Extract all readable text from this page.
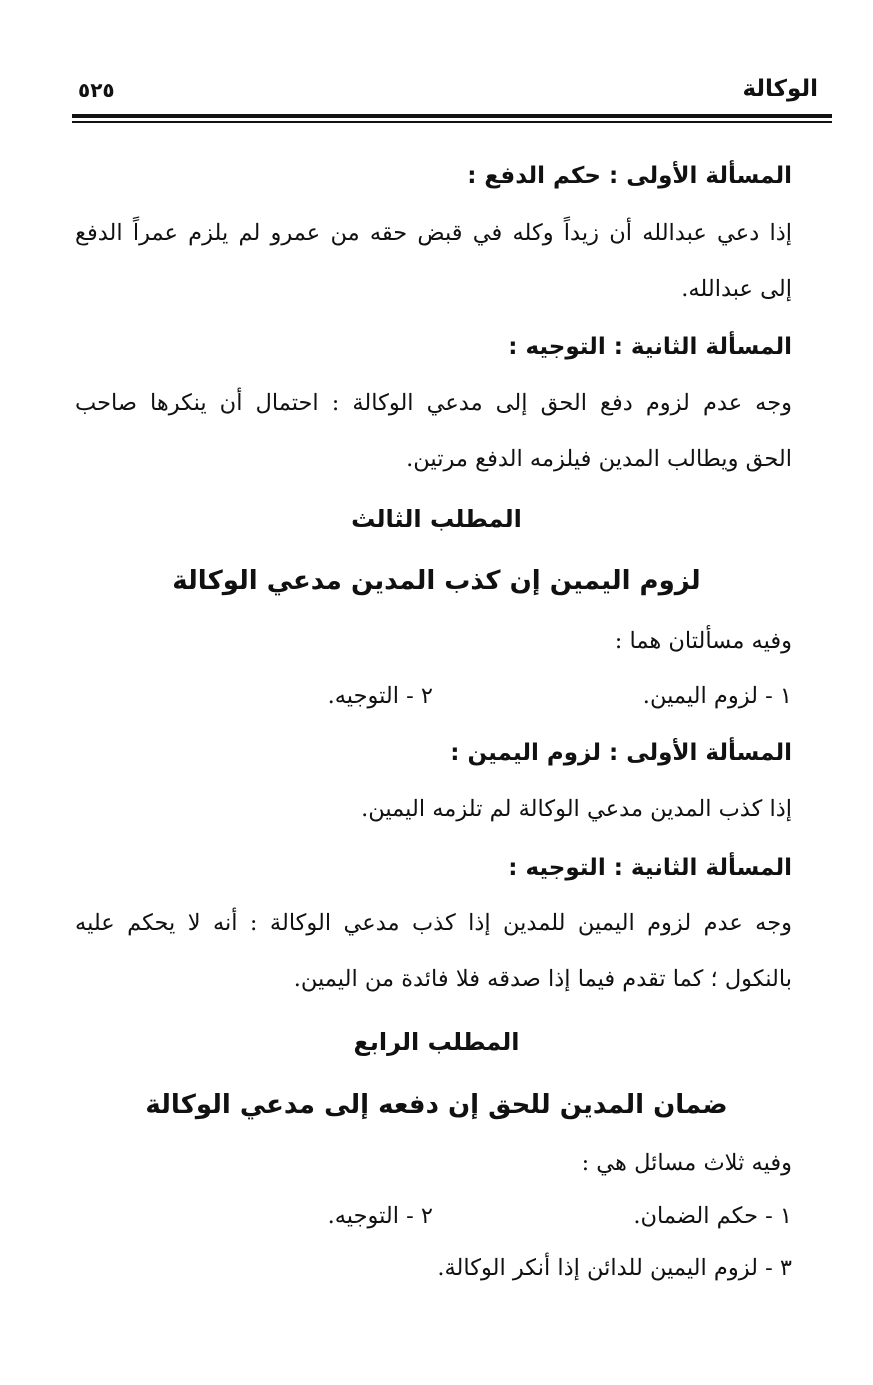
الوكالة
٥٢٥
المسألة الأولى : حكم الدفع :
إذا دعي عبدالله أن زيداً وكله في قبض حقه من عمرو لم يلزم عمراً الدفع
إلى عبدالله.
المسألة الثانية : التوجيه :
وجه عدم لزوم دفع الحق إلى مدعي الوكالة : احتمال أن ينكرها صاحب
الحق ويطالب المدين فيلزمه الدفع مرتين.
المطلب الثالث
لزوم اليمين إن كذب المدين مدعي الوكالة
وفيه مسألتان هما :
١ - لزوم اليمين.
٢ - التوجيه.
المسألة الأولى : لزوم اليمين :
إذا كذب المدين مدعي الوكالة لم تلزمه اليمين.
المسألة الثانية : التوجيه :
وجه عدم لزوم اليمين للمدين إذا كذب مدعي الوكالة : أنه لا يحكم عليه
بالنكول ؛ كما تقدم فيما إذا صدقه فلا فائدة من اليمين.
المطلب الرابع
ضمان المدين للحق إن دفعه إلى مدعي الوكالة
وفيه ثلاث مسائل هي :
١ - حكم الضمان.
٢ - التوجيه.
٣ - لزوم اليمين للدائن إذا أنكر الوكالة.
